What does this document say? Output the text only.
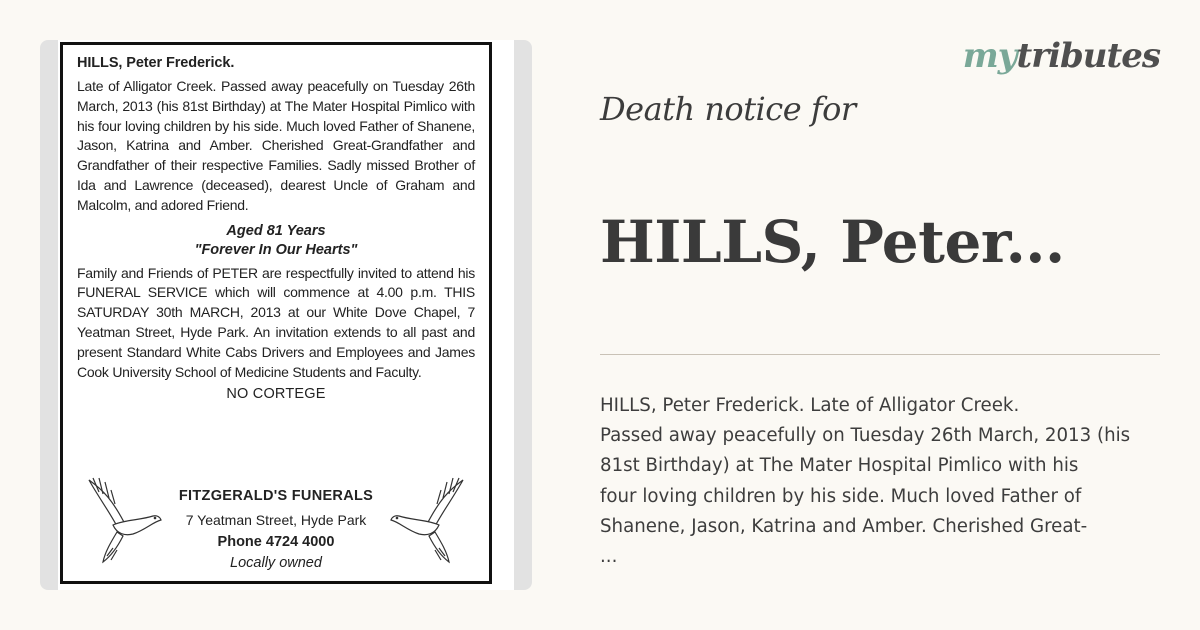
HILLS, Peter Frederick.

Late of Alligator Creek. Passed away peacefully on Tuesday 26th March, 2013 (his 81st Birthday) at The Mater Hospital Pimlico with his four loving children by his side. Much loved Father of Shanene, Jason, Katrina and Amber. Cherished Great-Grandfather and Grandfather of their respective Families. Sadly missed Brother of Ida and Lawrence (deceased), dearest Uncle of Graham and Malcolm, and adored Friend.

Aged 81 Years

"Forever In Our Hearts"

Family and Friends of PETER are respectfully invited to attend his FUNERAL SERVICE which will commence at 4.00 p.m. THIS SATURDAY 30th MARCH, 2013 at our White Dove Chapel, 7 Yeatman Street, Hyde Park. An invitation extends to all past and present Standard White Cabs Drivers and Employees and James Cook University School of Medicine Students and Faculty.

NO CORTEGE

FITZGERALD'S FUNERALS
7 Yeatman Street, Hyde Park
Phone 4724 4000
Locally owned
mytributes
Death notice for
HILLS, Peter...

HILLS, Peter Frederick. Late of Alligator Creek.
Passed away peacefully on Tuesday 26th March, 2013 (his
81st Birthday) at The Mater Hospital Pimlico with his
four loving children by his side. Much loved Father of
Shanene, Jason, Katrina and Amber. Cherished Great-
...
